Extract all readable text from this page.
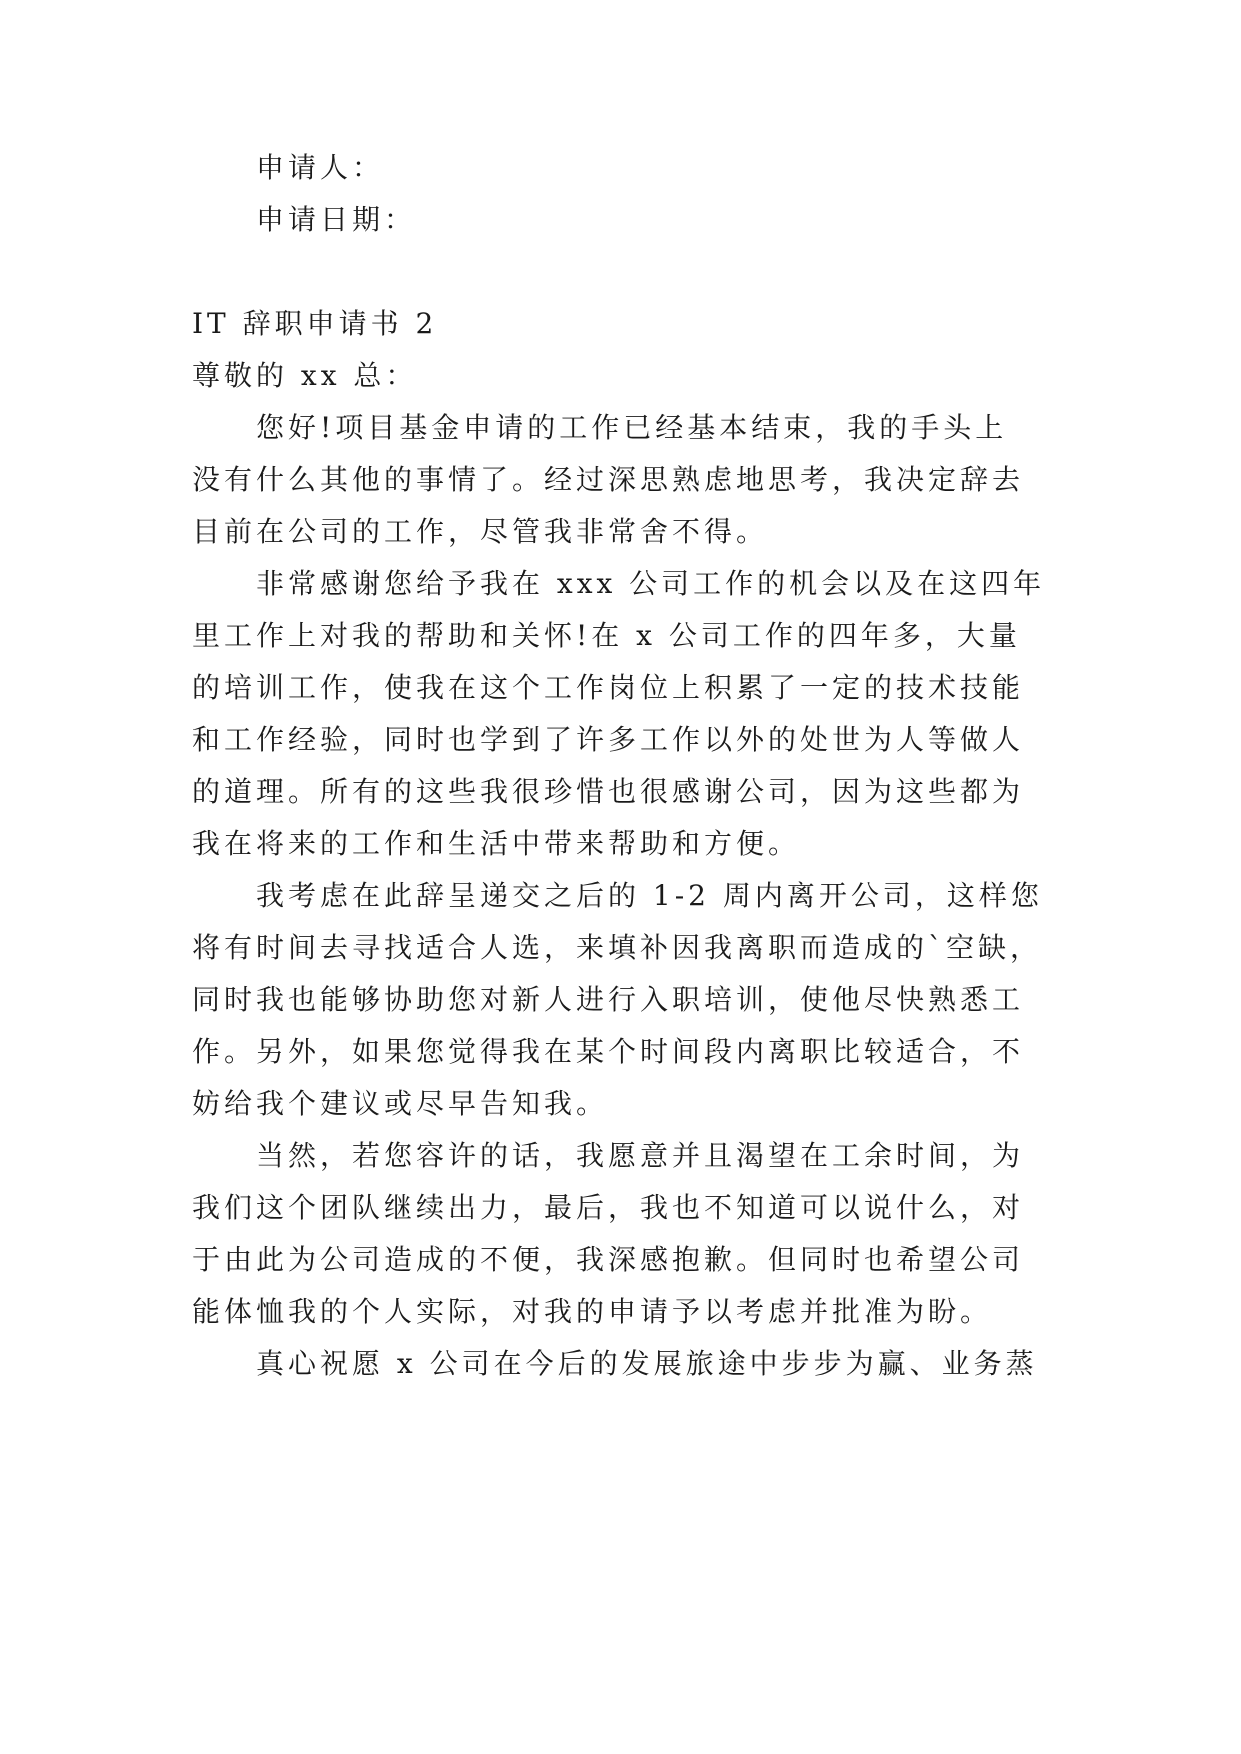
申请人：
申请日期：
IT 辞职申请书 2
尊敬的 xx 总：
您好!项目基金申请的工作已经基本结束，我的手头上
没有什么其他的事情了。经过深思熟虑地思考，我决定辞去
目前在公司的工作，尽管我非常舍不得。
非常感谢您给予我在 xxx 公司工作的机会以及在这四年
里工作上对我的帮助和关怀!在 x 公司工作的四年多，大量
的培训工作，使我在这个工作岗位上积累了一定的技术技能
和工作经验，同时也学到了许多工作以外的处世为人等做人
的道理。所有的这些我很珍惜也很感谢公司，因为这些都为
我在将来的工作和生活中带来帮助和方便。
我考虑在此辞呈递交之后的 1-2 周内离开公司，这样您
将有时间去寻找适合人选，来填补因我离职而造成的`空缺，
同时我也能够协助您对新人进行入职培训，使他尽快熟悉工
作。另外，如果您觉得我在某个时间段内离职比较适合，不
妨给我个建议或尽早告知我。
当然，若您容许的话，我愿意并且渴望在工余时间，为
我们这个团队继续出力，最后，我也不知道可以说什么，对
于由此为公司造成的不便，我深感抱歉。但同时也希望公司
能体恤我的个人实际，对我的申请予以考虑并批准为盼。
真心祝愿 x 公司在今后的发展旅途中步步为赢、业务蒸
